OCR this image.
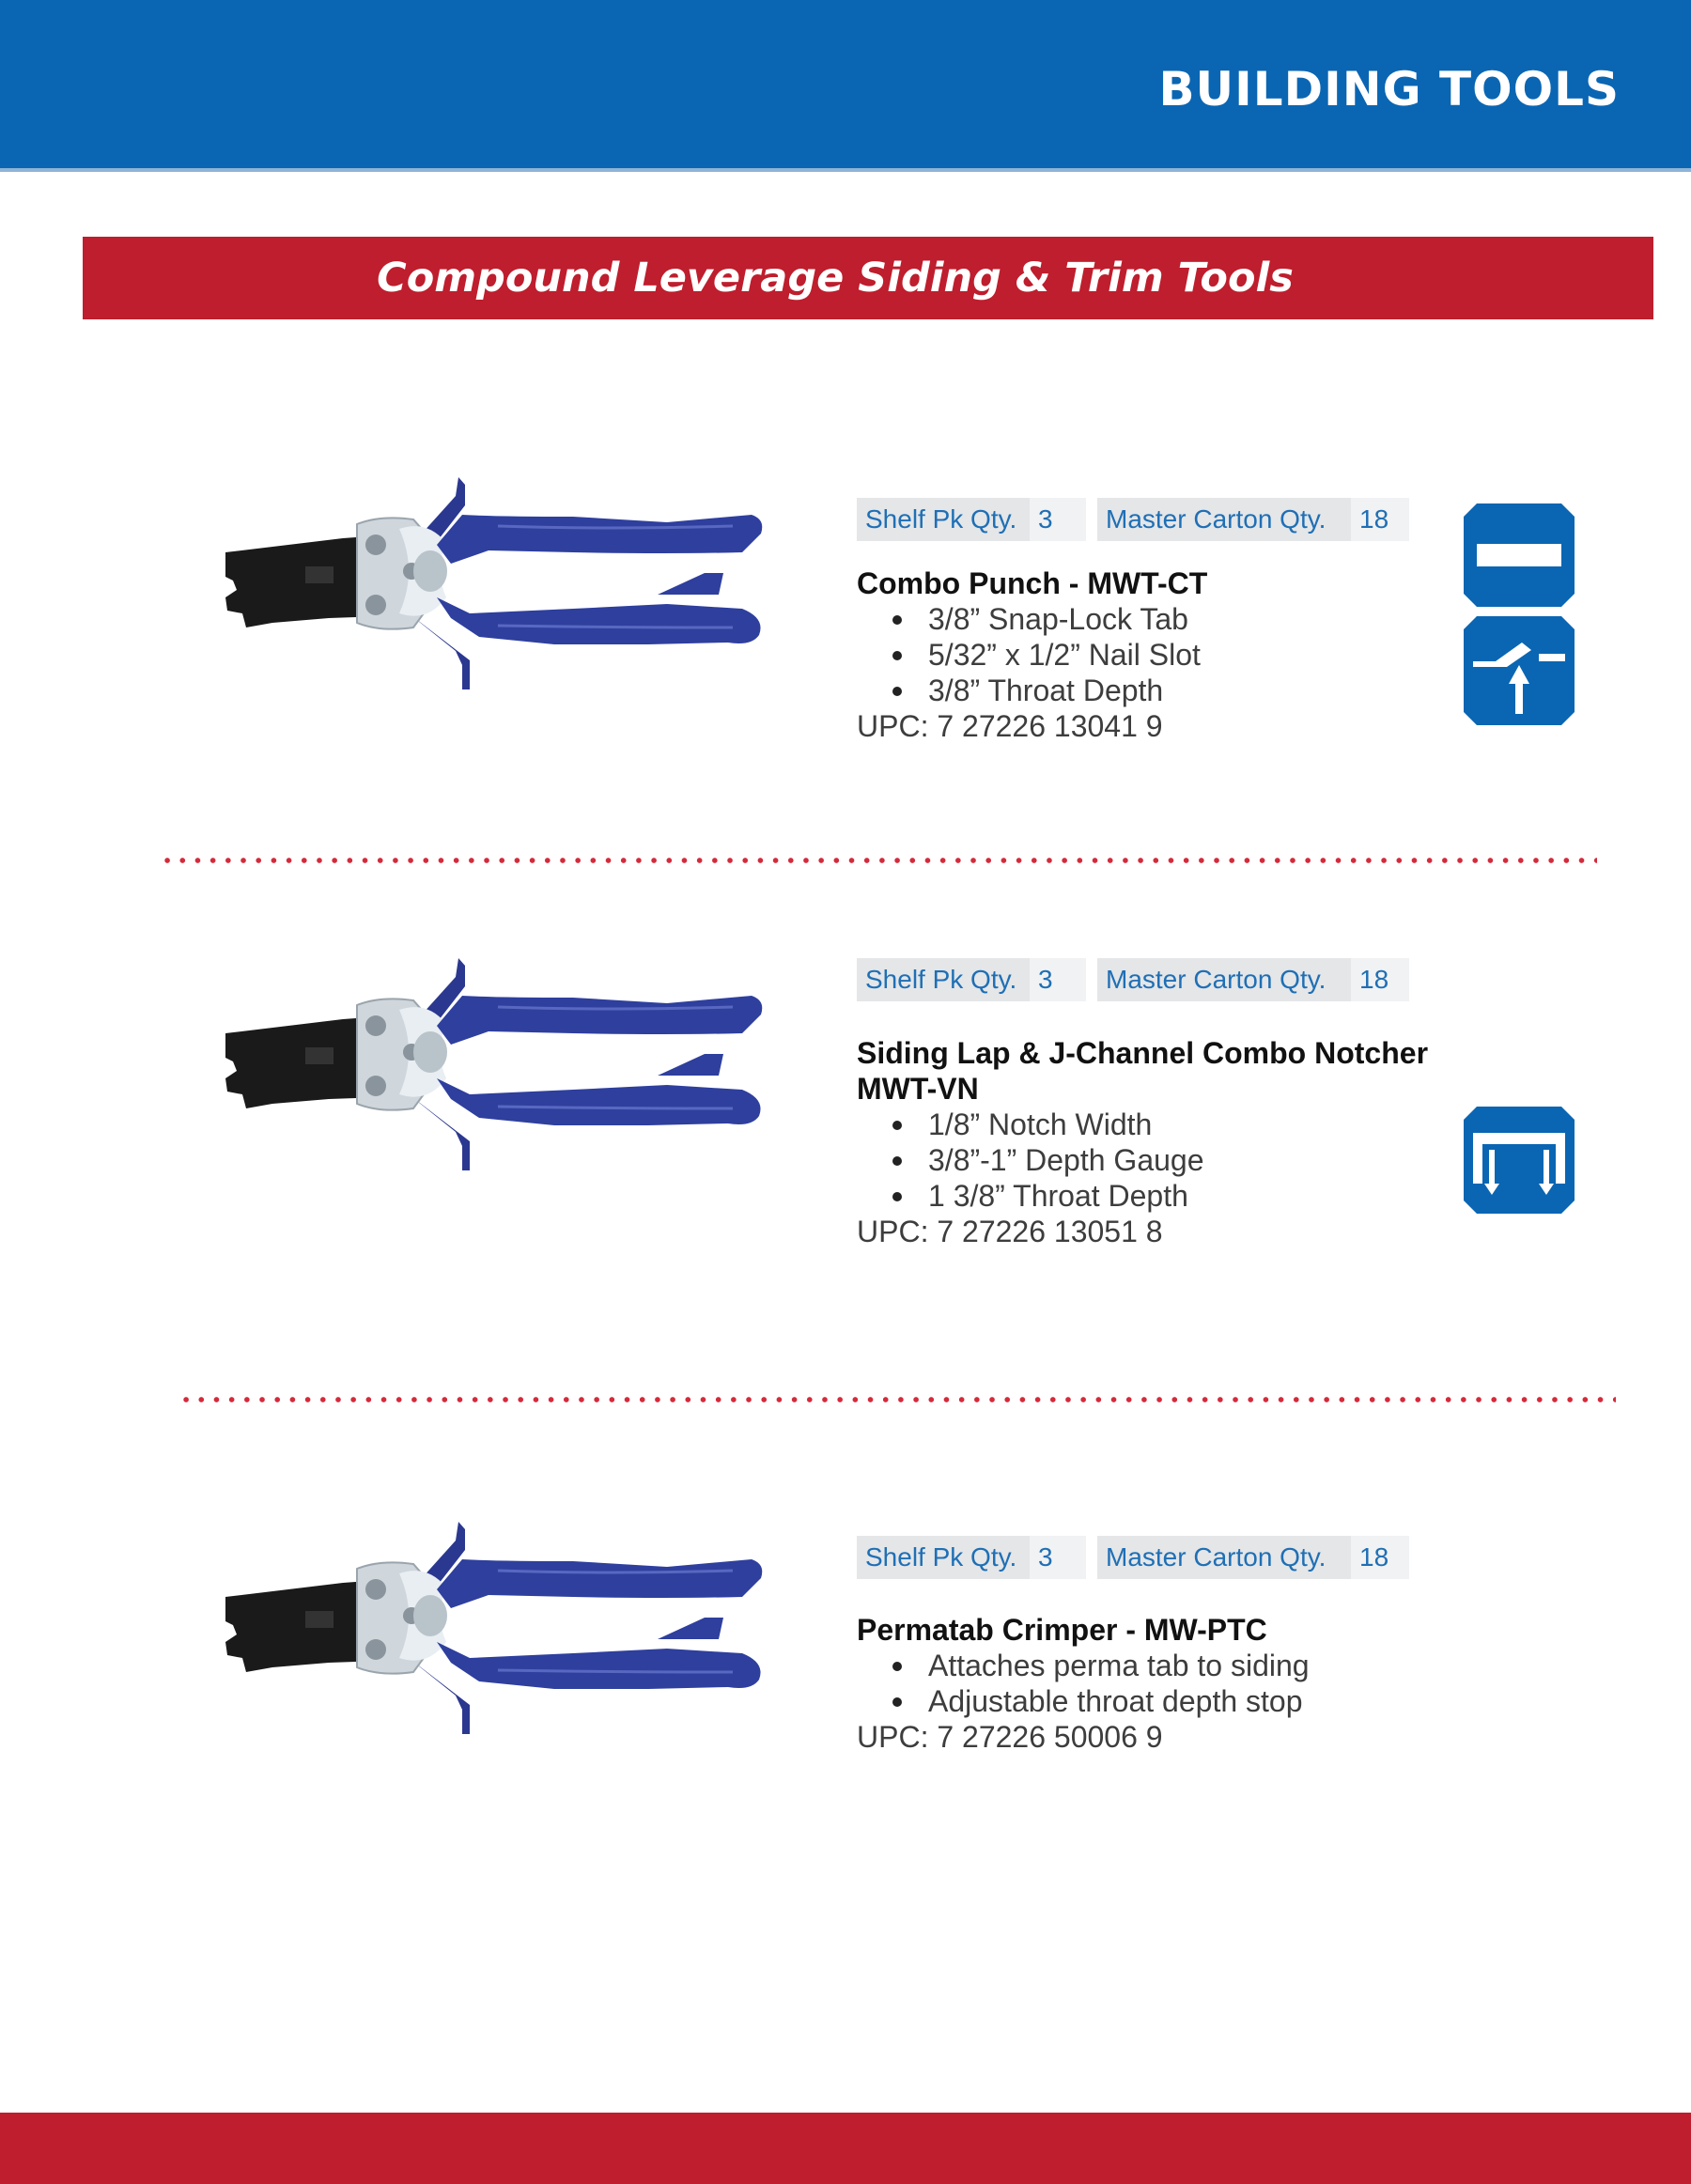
BUILDING TOOLS
Compound Leverage Siding & Trim Tools
Shelf Pk Qty. 3	Master Carton Qty.	18
Combo Punch - MWT-CT
3/8” Snap-Lock Tab
5/32” x 1/2” Nail Slot
3/8” Throat Depth
UPC: 7 27226 13041 9
Shelf Pk Qty. 3	Master Carton Qty.	18
Siding Lap & J-Channel Combo Notcher
MWT-VN
1/8” Notch Width
3/8”-1” Depth Gauge
1 3/8” Throat Depth
UPC: 7 27226 13051 8
Shelf Pk Qty. 3	Master Carton Qty.	18
Permatab Crimper - MW-PTC
Attaches perma tab to siding
Adjustable throat depth stop
UPC: 7 27226 50006 9
